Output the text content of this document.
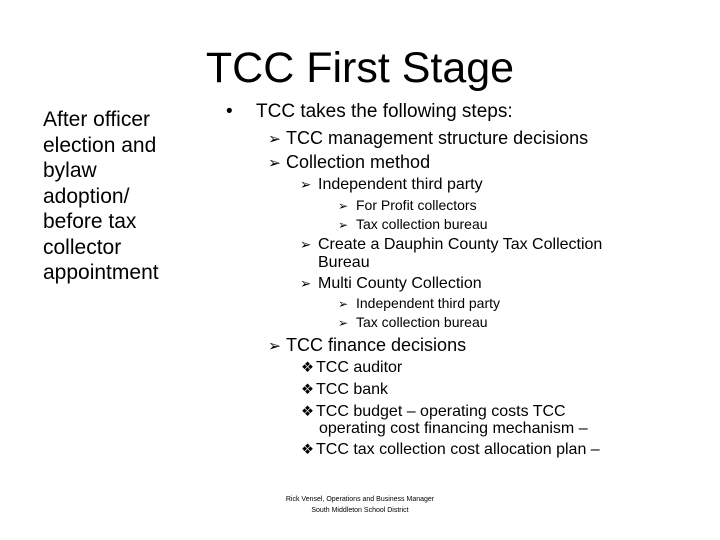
TCC First Stage
After officer
election and
bylaw
adoption/
before tax
collector
appointment
• TCC takes the following steps:
➢ TCC management structure decisions
➢ Collection method
➢ Independent third party
➢ For Profit collectors
➢ Tax collection bureau
➢ Create a Dauphin County Tax Collection
Bureau
➢ Multi County Collection
➢ Independent third party
➢ Tax collection bureau
➢ TCC finance decisions
❖ TCC auditor
❖ TCC bank
❖ TCC budget – operating costs TCC
operating cost financing mechanism –
❖ TCC tax collection cost allocation plan –
Rick Vensel, Operations and Business Manager
South Middleton School District
